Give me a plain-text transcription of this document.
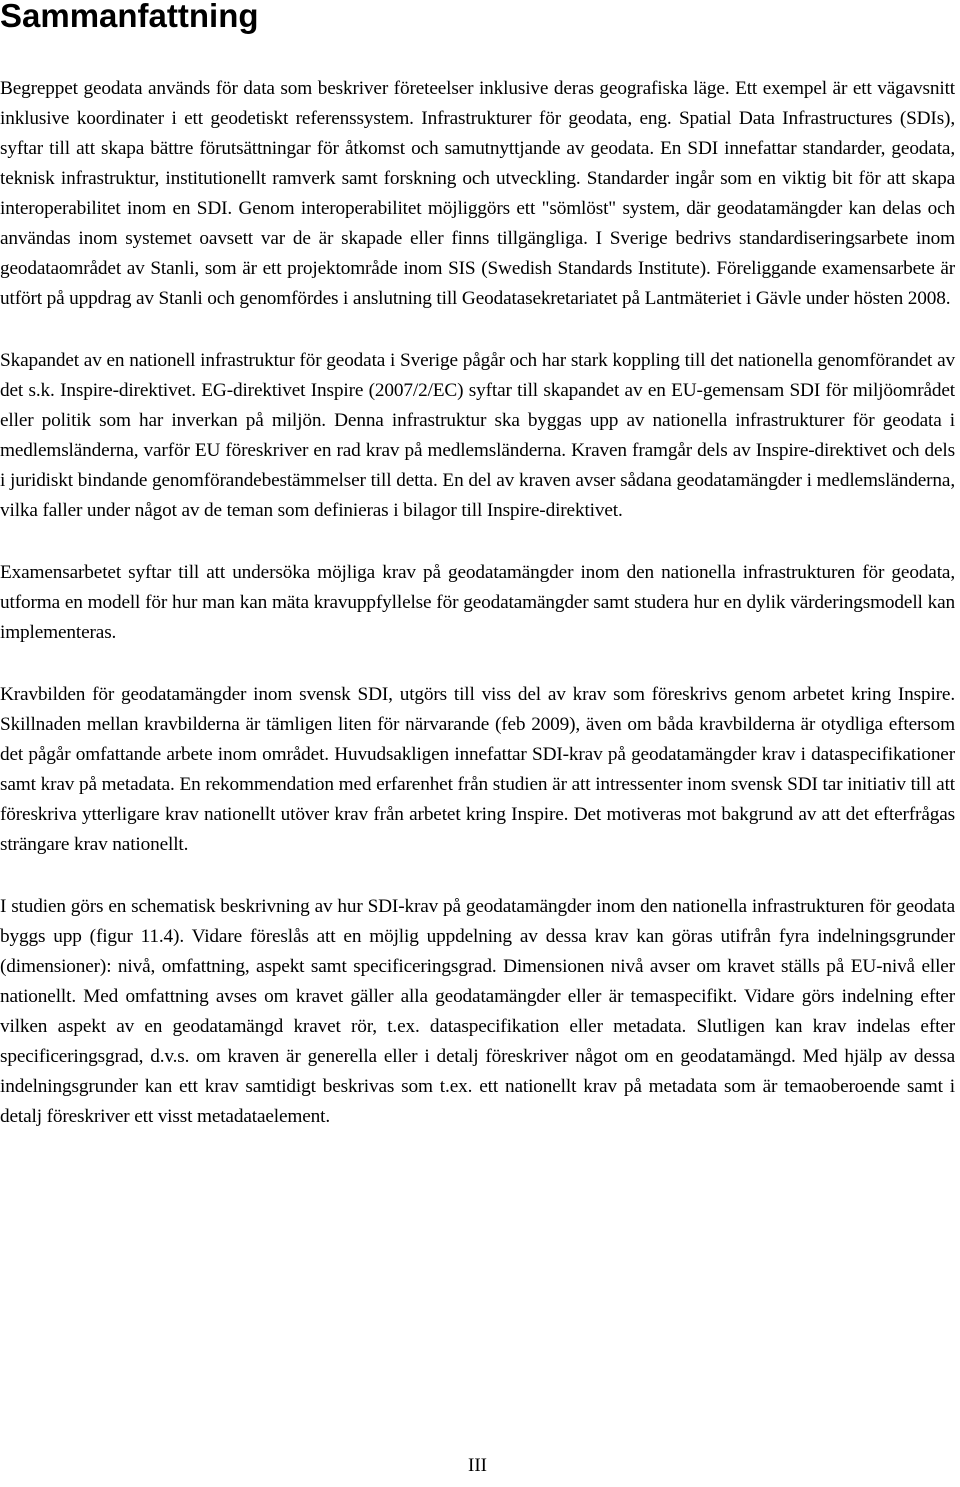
Sammanfattning

Begreppet geodata används för data som beskriver företeelser inklusive deras geografiska läge. Ett exempel är ett vägavsnitt inklusive koordinater i ett geodetiskt referenssystem. Infrastrukturer för geodata, eng. Spatial Data Infrastructures (SDIs), syftar till att skapa bättre förutsättningar för åtkomst och samutnyttjande av geodata. En SDI innefattar standarder, geodata, teknisk infrastruktur, institutionellt ramverk samt forskning och utveckling. Standarder ingår som en viktig bit för att skapa interoperabilitet inom en SDI. Genom interoperabilitet möjliggörs ett "sömlöst" system, där geodatamängder kan delas och användas inom systemet oavsett var de är skapade eller finns tillgängliga. I Sverige bedrivs standardiseringsarbete inom geodataområdet av Stanli, som är ett projektområde inom SIS (Swedish Standards Institute). Föreliggande examensarbete är utfört på uppdrag av Stanli och genomfördes i anslutning till Geodatasekretariatet på Lantmäteriet i Gävle under hösten 2008.

Skapandet av en nationell infrastruktur för geodata i Sverige pågår och har stark koppling till det nationella genomförandet av det s.k. Inspire-direktivet. EG-direktivet Inspire (2007/2/EC) syftar till skapandet av en EU-gemensam SDI för miljöområdet eller politik som har inverkan på miljön. Denna infrastruktur ska byggas upp av nationella infrastrukturer för geodata i medlemsländerna, varför EU föreskriver en rad krav på medlemsländerna. Kraven framgår dels av Inspire-direktivet och dels i juridiskt bindande genomförandebestämmelser till detta. En del av kraven avser sådana geodatamängder i medlemsländerna, vilka faller under något av de teman som definieras i bilagor till Inspire-direktivet.

Examensarbetet syftar till att undersöka möjliga krav på geodatamängder inom den nationella infrastrukturen för geodata, utforma en modell för hur man kan mäta kravuppfyllelse för geodatamängder samt studera hur en dylik värderingsmodell kan implementeras.

Kravbilden för geodatamängder inom svensk SDI, utgörs till viss del av krav som föreskrivs genom arbetet kring Inspire. Skillnaden mellan kravbilderna är tämligen liten för närvarande (feb 2009), även om båda kravbilderna är otydliga eftersom det pågår omfattande arbete inom området. Huvudsakligen innefattar SDI-krav på geodatamängder krav i dataspecifikationer samt krav på metadata. En rekommendation med erfarenhet från studien är att intressenter inom svensk SDI tar initiativ till att föreskriva ytterligare krav nationellt utöver krav från arbetet kring Inspire. Det motiveras mot bakgrund av att det efterfrågas strängare krav nationellt.

I studien görs en schematisk beskrivning av hur SDI-krav på geodatamängder inom den nationella infrastrukturen för geodata byggs upp (figur 11.4). Vidare föreslås att en möjlig uppdelning av dessa krav kan göras utifrån fyra indelningsgrunder (dimensioner): nivå, omfattning, aspekt samt specificeringsgrad. Dimensionen nivå avser om kravet ställs på EU-nivå eller nationellt. Med omfattning avses om kravet gäller alla geodatamängder eller är temaspecifikt. Vidare görs indelning efter vilken aspekt av en geodatamängd kravet rör, t.ex. dataspecifikation eller metadata. Slutligen kan krav indelas efter specificeringsgrad, d.v.s. om kraven är generella eller i detalj föreskriver något om en geodatamängd. Med hjälp av dessa indelningsgrunder kan ett krav samtidigt beskrivas som t.ex. ett nationellt krav på metadata som är temaoberoende samt i detalj föreskriver ett visst metadataelement.

III
